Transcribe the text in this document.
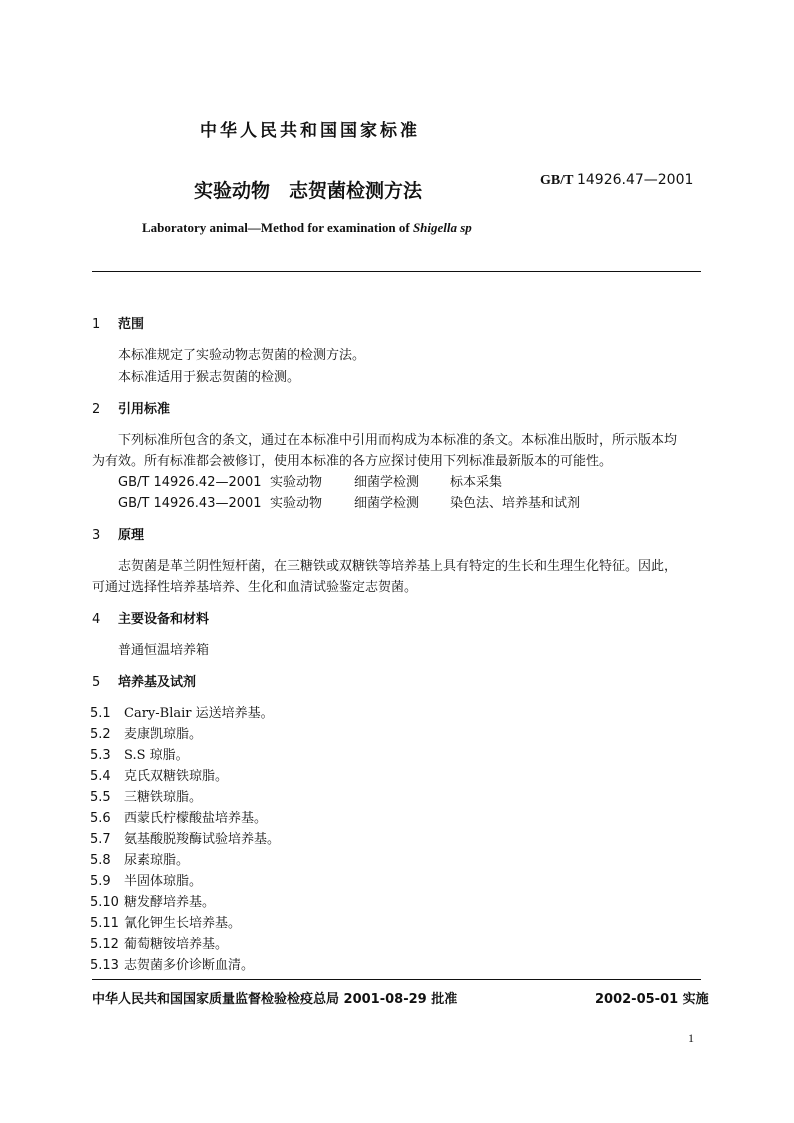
中华人民共和国国家标准
GB/T 14926.47—2001
实验动物　志贺菌检测方法
Laboratory animal—Method for examination of Shigella sp
1 范围
本标准规定了实验动物志贺菌的检测方法。
本标准适用于猴志贺菌的检测。
2 引用标准
下列标准所包含的条文，通过在本标准中引用而构成为本标准的条文。本标准出版时，所示版本均
为有效。所有标准都会被修订，使用本标准的各方应探讨使用下列标准最新版本的可能性。
GB/T 14926.42—2001 实验动物 细菌学检测 标本采集
GB/T 14926.43—2001 实验动物 细菌学检测 染色法、培养基和试剂
3 原理
志贺菌是革兰阴性短杆菌，在三糖铁或双糖铁等培养基上具有特定的生长和生理生化特征。因此，
可通过选择性培养基培养、生化和血清试验鉴定志贺菌。
4 主要设备和材料
普通恒温培养箱
5 培养基及试剂
5.1 Cary-Blair 运送培养基。
5.2 麦康凯琼脂。
5.3 S.S 琼脂。
5.4 克氏双糖铁琼脂。
5.5 三糖铁琼脂。
5.6 西蒙氏柠檬酸盐培养基。
5.7 氨基酸脱羧酶试验培养基。
5.8 尿素琼脂。
5.9 半固体琼脂。
5.10 糖发酵培养基。
5.11 氰化钾生长培养基。
5.12 葡萄糖铵培养基。
5.13 志贺菌多价诊断血清。
中华人民共和国国家质量监督检验检疫总局 2001-08-29 批准	2002-05-01 实施
1
